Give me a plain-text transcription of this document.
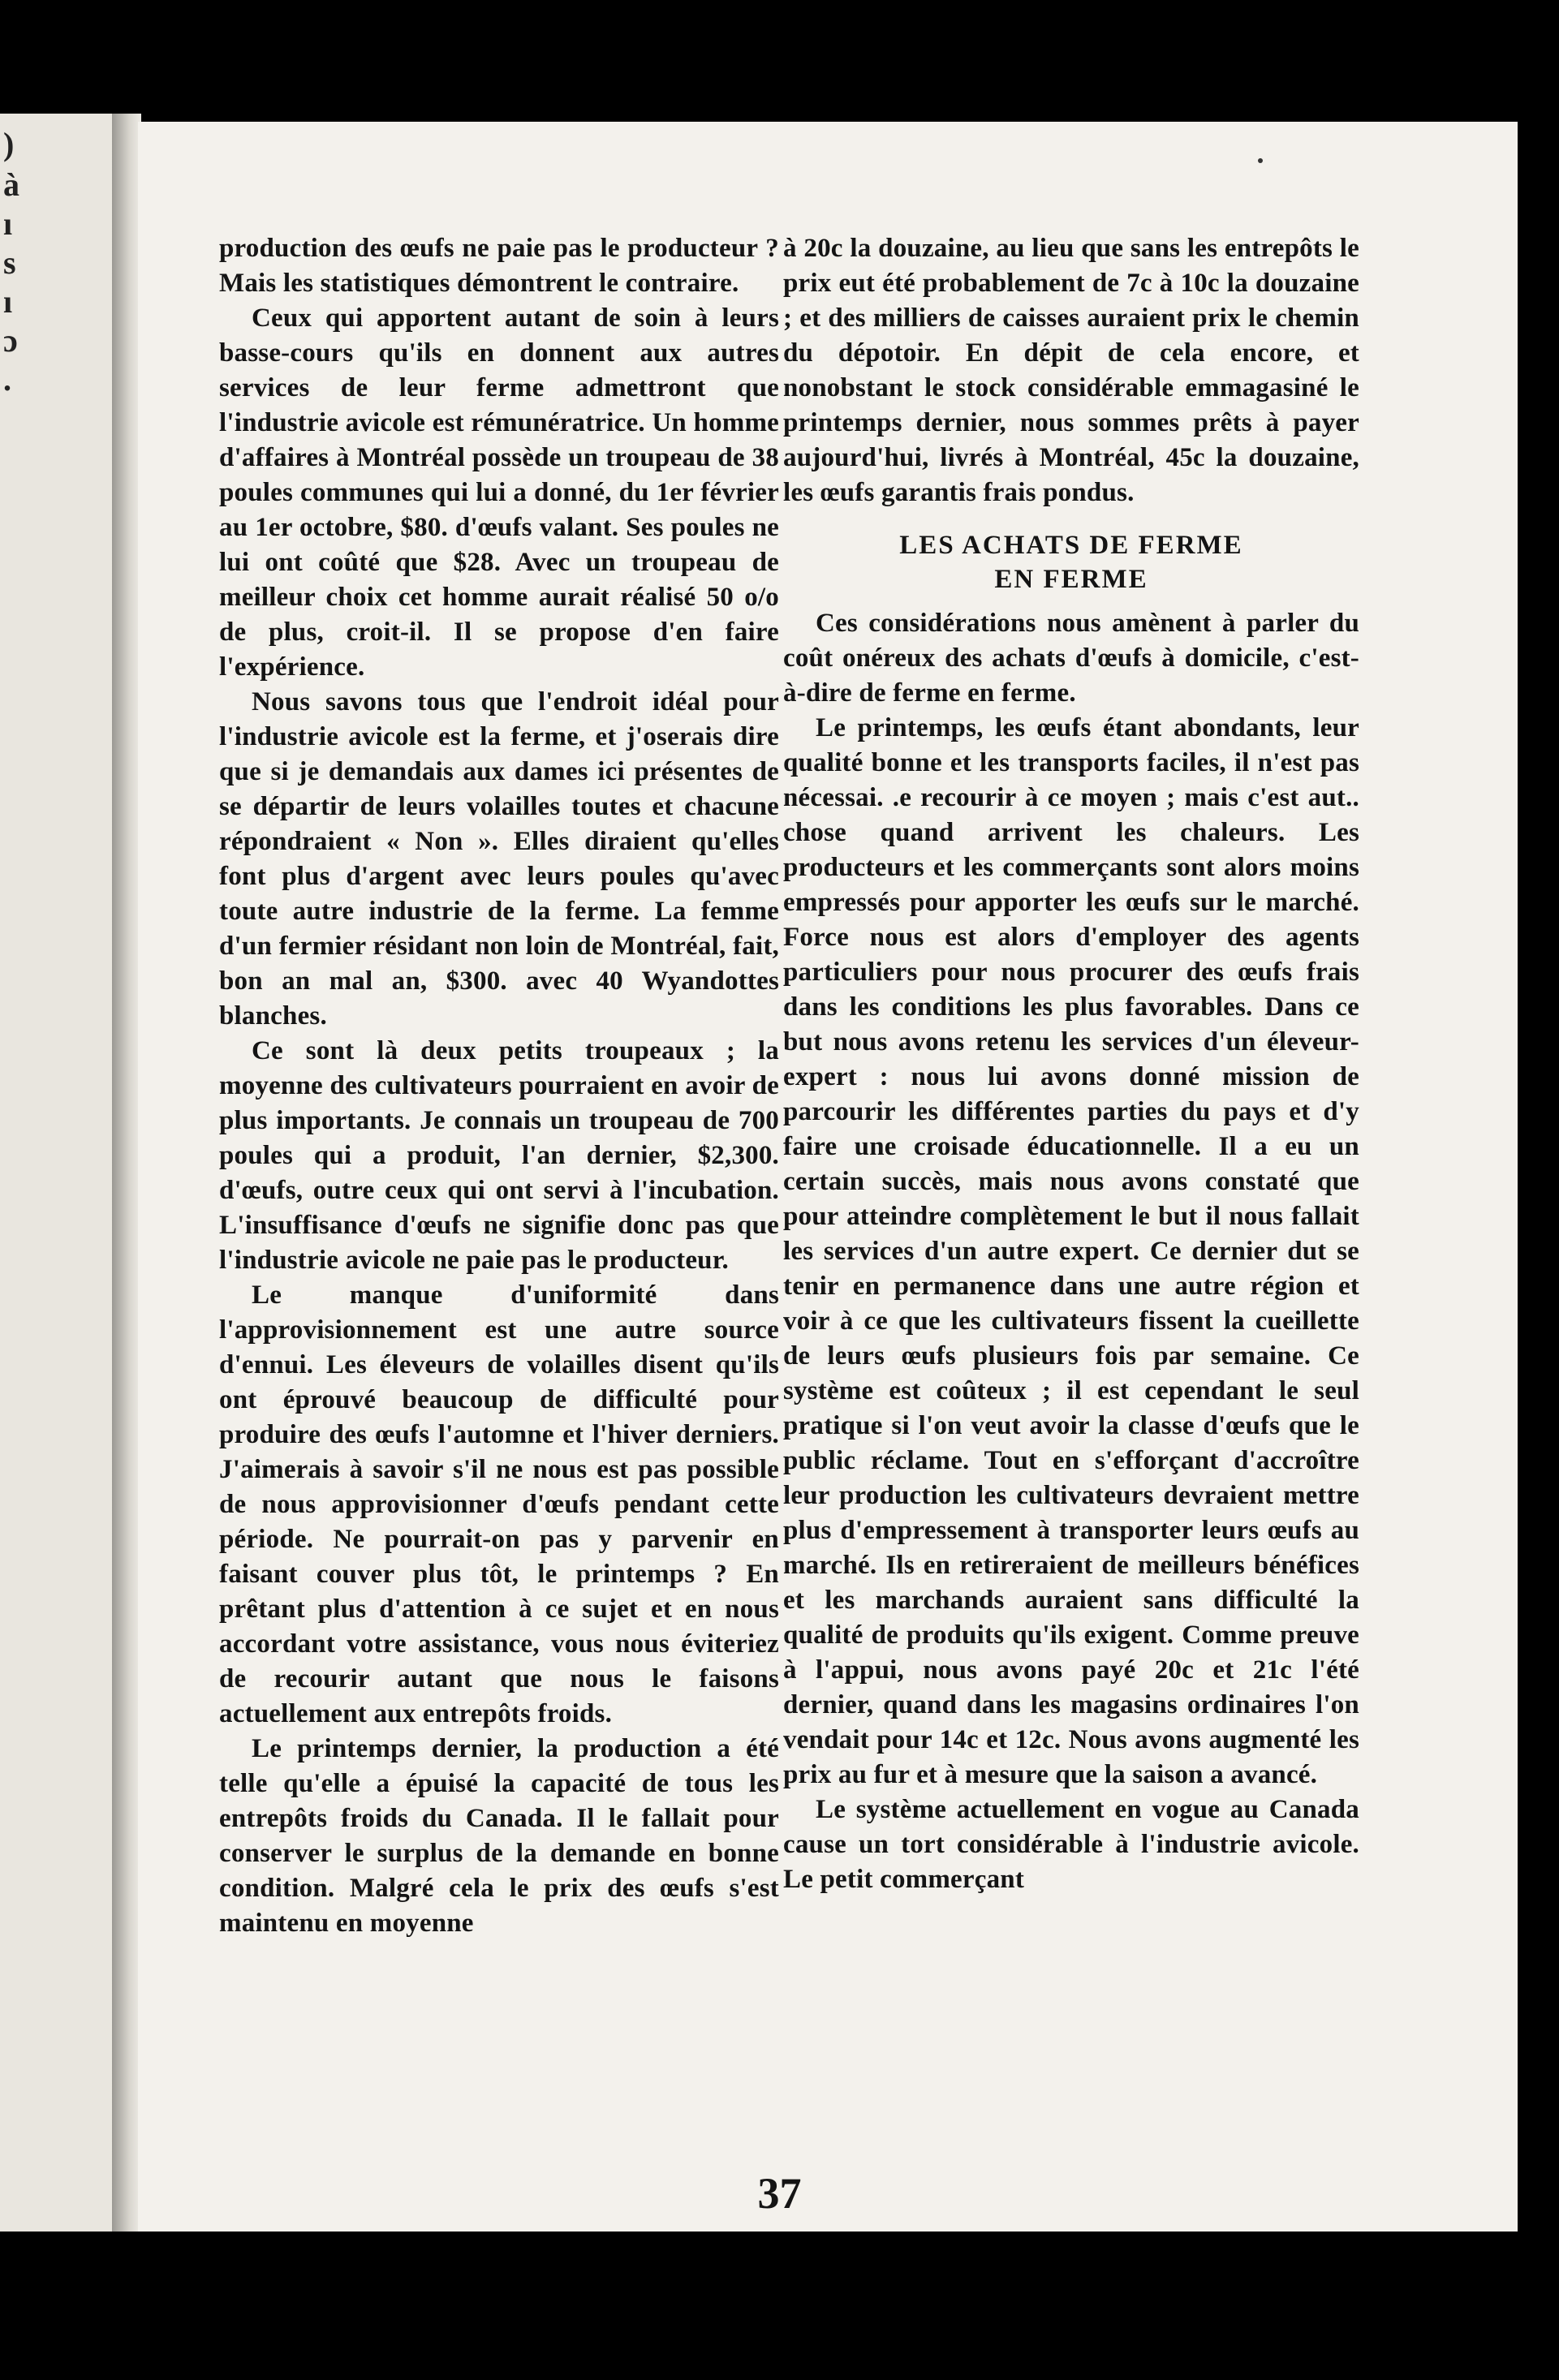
)
à
ı
s
ı
ɔ
.

production des œufs ne paie pas le producteur ? Mais les statistiques démontrent le contraire.

Ceux qui apportent autant de soin à leurs basse-cours qu'ils en donnent aux autres services de leur ferme admettront que l'industrie avicole est rémunératrice. Un homme d'affaires à Montréal possède un troupeau de 38 poules communes qui lui a donné, du 1er février au 1er octobre, $80. d'œufs valant. Ses poules ne lui ont coûté que $28. Avec un troupeau de meilleur choix cet homme aurait réalisé 50 o/o de plus, croit-il. Il se propose d'en faire l'expérience.

Nous savons tous que l'endroit idéal pour l'industrie avicole est la ferme, et j'oserais dire que si je demandais aux dames ici présentes de se départir de leurs volailles toutes et chacune répondraient « Non ». Elles diraient qu'elles font plus d'argent avec leurs poules qu'avec toute autre industrie de la ferme. La femme d'un fermier résidant non loin de Montréal, fait, bon an mal an, $300. avec 40 Wyandottes blanches.

Ce sont là deux petits troupeaux ; la moyenne des cultivateurs pourraient en avoir de plus importants. Je connais un troupeau de 700 poules qui a produit, l'an dernier, $2,300. d'œufs, outre ceux qui ont servi à l'incubation. L'insuffisance d'œufs ne signifie donc pas que l'industrie avicole ne paie pas le producteur.

Le manque d'uniformité dans l'approvisionnement est une autre source d'ennui. Les éleveurs de volailles disent qu'ils ont éprouvé beaucoup de difficulté pour produire des œufs l'automne et l'hiver derniers. J'aimerais à savoir s'il ne nous est pas possible de nous approvisionner d'œufs pendant cette période. Ne pourrait-on pas y parvenir en faisant couver plus tôt, le printemps ? En prêtant plus d'attention à ce sujet et en nous accordant votre assistance, vous nous éviteriez de recourir autant que nous le faisons actuellement aux entrepôts froids.

Le printemps dernier, la production a été telle qu'elle a épuisé la capacité de tous les entrepôts froids du Canada. Il le fallait pour conserver le surplus de la demande en bonne condition. Malgré cela le prix des œufs s'est maintenu en moyenne

à 20c la douzaine, au lieu que sans les entrepôts le prix eut été probablement de 7c à 10c la douzaine ; et des milliers de caisses auraient prix le chemin du dépotoir. En dépit de cela encore, et nonobstant le stock considérable emmagasiné le printemps dernier, nous sommes prêts à payer aujourd'hui, livrés à Montréal, 45c la douzaine, les œufs garantis frais pondus.

LES ACHATS DE FERME
EN FERME

Ces considérations nous amènent à parler du coût onéreux des achats d'œufs à domicile, c'est-à-dire de ferme en ferme.

Le printemps, les œufs étant abondants, leur qualité bonne et les transports faciles, il n'est pas nécessai. .e recourir à ce moyen ; mais c'est aut.. chose quand arrivent les chaleurs. Les producteurs et les commerçants sont alors moins empressés pour apporter les œufs sur le marché. Force nous est alors d'employer des agents particuliers pour nous procurer des œufs frais dans les conditions les plus favorables. Dans ce but nous avons retenu les services d'un éleveur-expert : nous lui avons donné mission de parcourir les différentes parties du pays et d'y faire une croisade éducationnelle. Il a eu un certain succès, mais nous avons constaté que pour atteindre complètement le but il nous fallait les services d'un autre expert. Ce dernier dut se tenir en permanence dans une autre région et voir à ce que les cultivateurs fissent la cueillette de leurs œufs plusieurs fois par semaine. Ce système est coûteux ; il est cependant le seul pratique si l'on veut avoir la classe d'œufs que le public réclame. Tout en s'efforçant d'accroître leur production les cultivateurs devraient mettre plus d'empressement à transporter leurs œufs au marché. Ils en retireraient de meilleurs bénéfices et les marchands auraient sans difficulté la qualité de produits qu'ils exigent. Comme preuve à l'appui, nous avons payé 20c et 21c l'été dernier, quand dans les magasins ordinaires l'on vendait pour 14c et 12c. Nous avons augmenté les prix au fur et à mesure que la saison a avancé.

Le système actuellement en vogue au Canada cause un tort considérable à l'industrie avicole. Le petit commerçant

37
